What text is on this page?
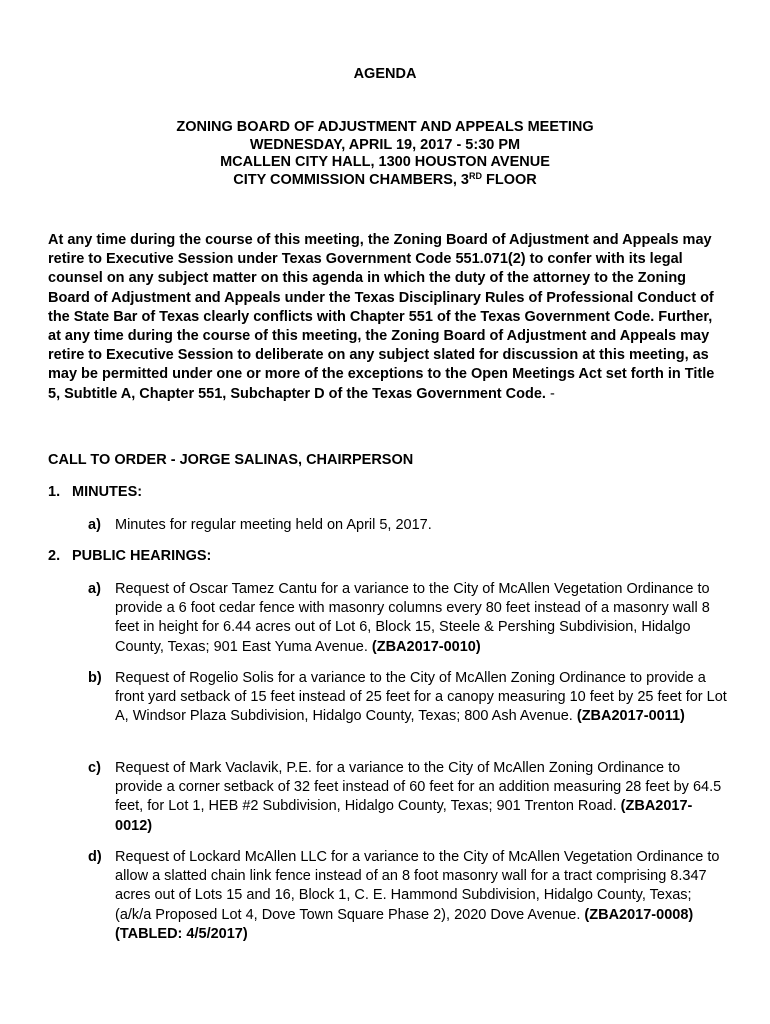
AGENDA
ZONING BOARD OF ADJUSTMENT AND APPEALS MEETING
WEDNESDAY, APRIL 19, 2017 - 5:30 PM
MCALLEN CITY HALL, 1300 HOUSTON AVENUE
CITY COMMISSION CHAMBERS, 3RD FLOOR
At any time during the course of this meeting, the Zoning Board of Adjustment and Appeals may retire to Executive Session under Texas Government Code 551.071(2) to confer with its legal counsel on any subject matter on this agenda in which the duty of the attorney to the Zoning Board of Adjustment and Appeals under the Texas Disciplinary Rules of Professional Conduct of the State Bar of Texas clearly conflicts with Chapter 551 of the Texas Government Code. Further, at any time during the course of this meeting, the Zoning Board of Adjustment and Appeals may retire to Executive Session to deliberate on any subject slated for discussion at this meeting, as may be permitted under one or more of the exceptions to the Open Meetings Act set forth in Title 5, Subtitle A, Chapter 551, Subchapter D of the Texas Government Code. -
CALL TO ORDER - JORGE SALINAS, CHAIRPERSON
1. MINUTES:
a) Minutes for regular meeting held on April 5, 2017.
2. PUBLIC HEARINGS:
a) Request of Oscar Tamez Cantu for a variance to the City of McAllen Vegetation Ordinance to provide a 6 foot cedar fence with masonry columns every 80 feet instead of a masonry wall 8 feet in height for 6.44 acres out of Lot 6, Block 15, Steele & Pershing Subdivision, Hidalgo County, Texas; 901 East Yuma Avenue. (ZBA2017-0010)
b) Request of Rogelio Solis for a variance to the City of McAllen Zoning Ordinance to provide a front yard setback of 15 feet instead of 25 feet for a canopy measuring 10 feet by 25 feet for Lot A, Windsor Plaza Subdivision, Hidalgo County, Texas; 800 Ash Avenue. (ZBA2017-0011)
c) Request of Mark Vaclavik, P.E. for a variance to the City of McAllen Zoning Ordinance to provide a corner setback of 32 feet instead of 60 feet for an addition measuring 28 feet by 64.5 feet, for Lot 1, HEB #2 Subdivision, Hidalgo County, Texas; 901 Trenton Road. (ZBA2017-0012)
d) Request of Lockard McAllen LLC for a variance to the City of McAllen Vegetation Ordinance to allow a slatted chain link fence instead of an 8 foot masonry wall for a tract comprising 8.347 acres out of Lots 15 and 16, Block 1, C. E. Hammond Subdivision, Hidalgo County, Texas; (a/k/a Proposed Lot 4, Dove Town Square Phase 2), 2020 Dove Avenue. (ZBA2017-0008) (TABLED: 4/5/2017)
